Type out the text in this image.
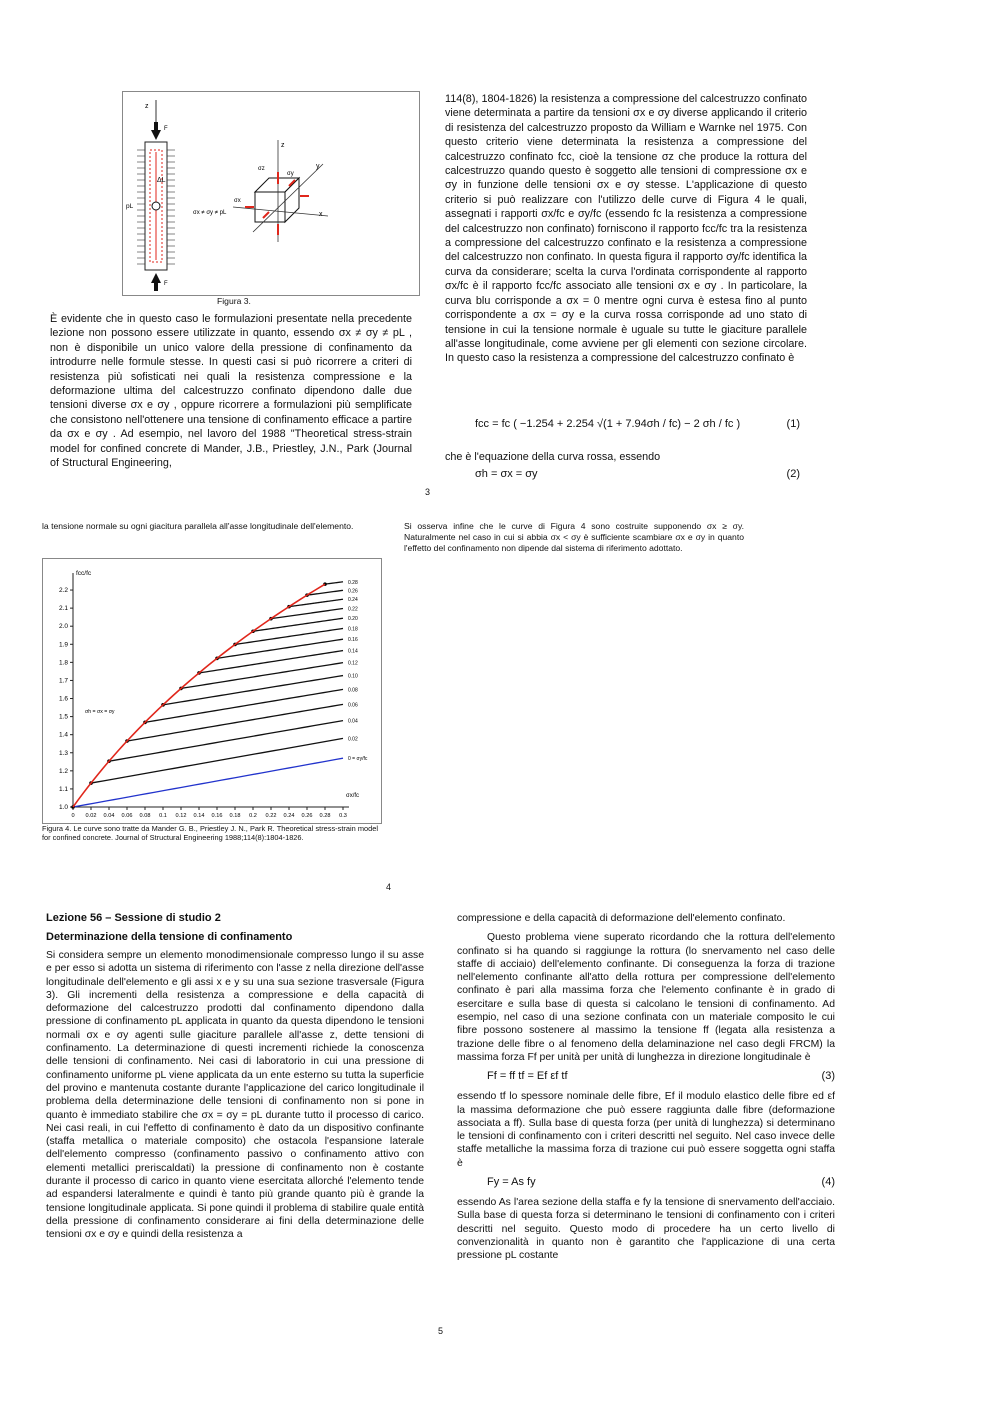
z
F
F
ΔL
pL
σx ≠ σy ≠ pL
z
x
y
σz
σx
σy
Figura 3.
È evidente che in questo caso le formulazioni presentate nella precedente lezione non possono essere utilizzate in quanto, essendo σx ≠ σy ≠ pL , non è disponibile un unico valore della pressione di confinamento da introdurre nelle formule stesse. In questi casi si può ricorrere a criteri di resistenza più sofisticati nei quali la resistenza compressione e la deformazione ultima del calcestruzzo confinato dipendono dalle due tensioni diverse σx e σy , oppure ricorrere a formulazioni più semplificate che consistono nell'ottenere una tensione di confinamento efficace a partire da σx e σy . Ad esempio, nel lavoro del 1988 "Theoretical stress-strain model for confined concrete di Mander, J.B., Priestley, J.N., Park (Journal of Structural Engineering,
114(8), 1804-1826) la resistenza a compressione del calcestruzzo confinato viene determinata a partire da tensioni σx e σy diverse applicando il criterio di resistenza del calcestruzzo proposto da William e Warnke nel 1975. Con questo criterio viene determinata la resistenza a compressione del calcestruzzo confinato fcc, cioè la tensione σz che produce la rottura del calcestruzzo quando questo è soggetto alle tensioni di compressione σx e σy in funzione delle tensioni σx e σy stesse. L'applicazione di questo criterio si può realizzare con l'utilizzo delle curve di Figura 4 le quali, assegnati i rapporti σx/fc e σy/fc (essendo fc la resistenza a compressione del calcestruzzo non confinato) forniscono il rapporto fcc/fc tra la resistenza a compressione del calcestruzzo confinato e la resistenza a compressione del calcestruzzo non confinato. In questa figura il rapporto σy/fc identifica la curva da considerare; scelta la curva l'ordinata corrispondente al rapporto σx/fc è il rapporto fcc/fc associato alle tensioni σx e σy . In particolare, la curva blu corrisponde a σx = 0 mentre ogni curva è estesa fino al punto corrispondente a σx = σy e la curva rossa corrisponde ad uno stato di tensione in cui la tensione normale è uguale su tutte le giaciture parallele all'asse longitudinale, come avviene per gli elementi con sezione circolare. In questo caso la resistenza a compressione del calcestruzzo confinato è
fcc = fc ( −1.254 + 2.254 √(1 + 7.94σh / fc) − 2 σh / fc )	(1)
che è l'equazione della curva rossa, essendo
σh = σx = σy	(2)
3
la tensione normale su ogni giacitura parallela all'asse longitudinale dell'elemento.	Si osserva infine che le curve di Figura 4 sono costruite supponendo σx ≥ σy. Naturalmente nel caso in cui si abbia σx < σy è sufficiente scambiare σx e σy in quanto l'effetto del confinamento non dipende dal sistema di riferimento adottato.
0 0.02 0.04 0.06 0.08 0.1 0.12 0.14 0.16 0.18 0.2 0.22 0.24 0.26 0.28 0.3
1.0
1.1
1.2
1.3
1.4
1.5
1.6
1.7
1.8
1.9
2.0
2.1
2.2
fcc/fc
σx/fc
0.28
0.26
0.24
0.22
0.20
0.18
0.16
0.14
0.12
0.10
0.08
0.06
0.04
0.02
0 = σy/fc
σh = σx = σy
Figura 4. Le curve sono tratte da Mander G. B., Priestley J. N., Park R. Theoretical stress-strain model for confined concrete. Journal of Structural Engineering 1988;114(8):1804-1826.
4
Lezione 56 – Sessione di studio 2
Determinazione della tensione di confinamento
Si considera sempre un elemento monodimensionale compresso lungo il su asse e per esso si adotta un sistema di riferimento con l'asse z nella direzione dell'asse longitudinale dell'elemento e gli assi x e y su una sua sezione trasversale (Figura 3). Gli incrementi della resistenza a compressione e della capacità di deformazione del calcestruzzo prodotti dal confinamento dipendono dalla pressione di confinamento pL applicata in quanto da questa dipendono le tensioni normali σx e σy agenti sulle giaciture parallele all'asse z, dette tensioni di confinamento. La determinazione di questi incrementi richiede la conoscenza delle tensioni di confinamento. Nei casi di laboratorio in cui una pressione di confinamento uniforme pL viene applicata da un ente esterno su tutta la superficie del provino e mantenuta costante durante l'applicazione del carico longitudinale il problema della determinazione delle tensioni di confinamento non si pone in quanto è immediato stabilire che σx = σy = pL durante tutto il processo di carico. Nei casi reali, in cui l'effetto di confinamento è dato da un dispositivo confinante (staffa metallica o materiale composito) che ostacola l'espansione laterale dell'elemento compresso (confinamento passivo o confinamento attivo con elementi metallici preriscaldati) la pressione di confinamento non è costante durante il processo di carico in quanto viene esercitata allorché l'elemento tende ad espandersi lateralmente e quindi è tanto più grande quanto più è grande la tensione longitudinale applicata. Si pone quindi il problema di stabilire quale entità della pressione di confinamento considerare ai fini della determinazione delle tensioni σx e σy e quindi della resistenza a
compressione e della capacità di deformazione dell'elemento confinato.
Questo problema viene superato ricordando che la rottura dell'elemento confinato si ha quando si raggiunge la rottura (lo snervamento nel caso delle staffe di acciaio) dell'elemento confinante. Di conseguenza la forza di trazione nell'elemento confinante all'atto della rottura per compressione dell'elemento confinato è pari alla massima forza che l'elemento confinante è in grado di esercitare e sulla base di questa si calcolano le tensioni di confinamento. Ad esempio, nel caso di una sezione confinata con un materiale composito le cui fibre possono sostenere al massimo la tensione ff (legata alla resistenza a trazione delle fibre o al fenomeno della delaminazione nel caso degli FRCM) la massima forza Ff per unità per unità di lunghezza in direzione longitudinale è
Ff = ff tf = Ef εf tf	(3)
essendo tf lo spessore nominale delle fibre, Ef il modulo elastico delle fibre ed εf la massima deformazione che può essere raggiunta dalle fibre (deformazione associata a ff). Sulla base di questa forza (per unità di lunghezza) si determinano le tensioni di confinamento con i criteri descritti nel seguito. Nel caso invece delle staffe metalliche la massima forza di trazione cui può essere soggetta ogni staffa è
Fy = As fy	(4)
essendo As l'area sezione della staffa e fy la tensione di snervamento dell'acciaio. Sulla base di questa forza si determinano le tensioni di confinamento con i criteri descritti nel seguito. Questo modo di procedere ha un certo livello di convenzionalità in quanto non è garantito che l'applicazione di una certa pressione pL costante
5
